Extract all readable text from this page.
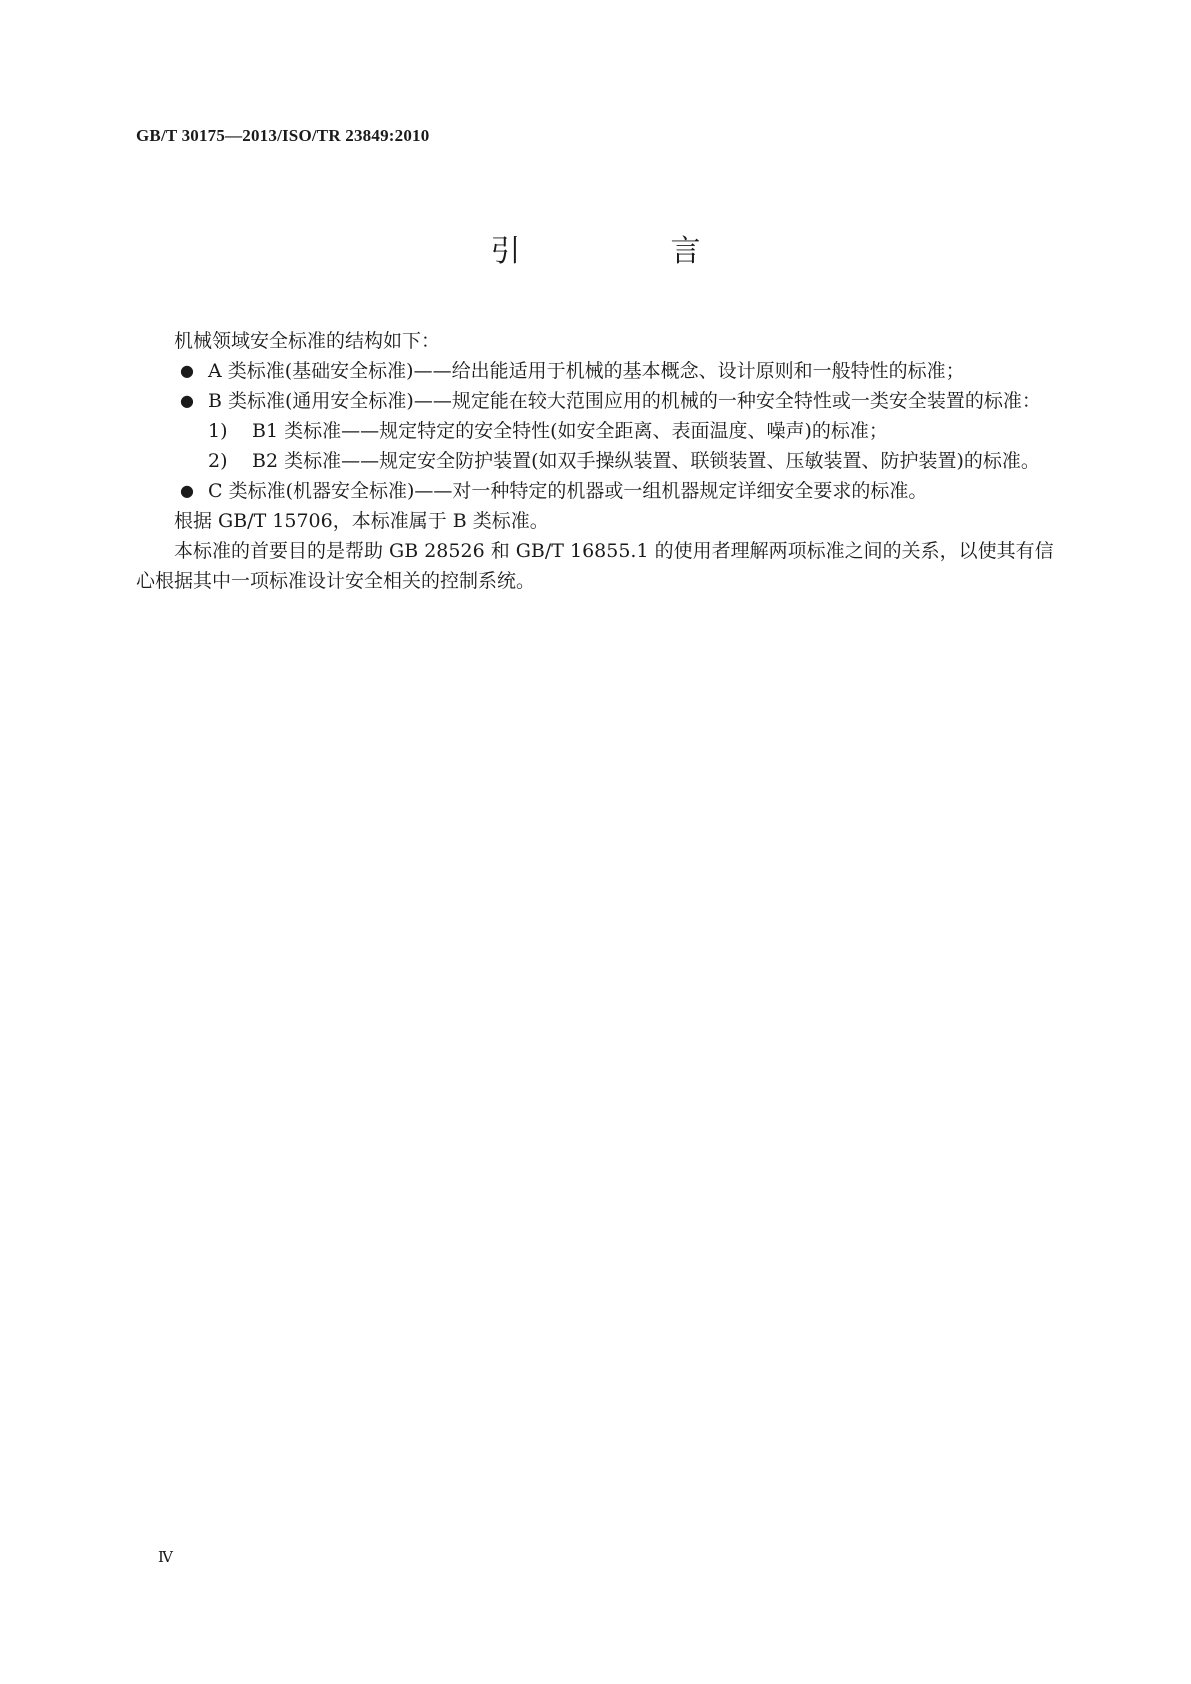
GB/T 30175—2013/ISO/TR 23849:2010
引　言

机械领域安全标准的结构如下：

● A 类标准(基础安全标准)——给出能适用于机械的基本概念、设计原则和一般特性的标准；
● B 类标准(通用安全标准)——规定能在较大范围应用的机械的一种安全特性或一类安全装置的标准：
1)	B1 类标准——规定特定的安全特性(如安全距离、表面温度、噪声)的标准；
2)	B2 类标准——规定安全防护装置(如双手操纵装置、联锁装置、压敏装置、防护装置)的标准。
● C 类标准(机器安全标准)——对一种特定的机器或一组机器规定详细安全要求的标准。

根据 GB/T 15706，本标准属于 B 类标准。

本标准的首要目的是帮助 GB 28526 和 GB/T 16855.1 的使用者理解两项标准之间的关系，以使其有信心根据其中一项标准设计安全相关的控制系统。

Ⅳ
